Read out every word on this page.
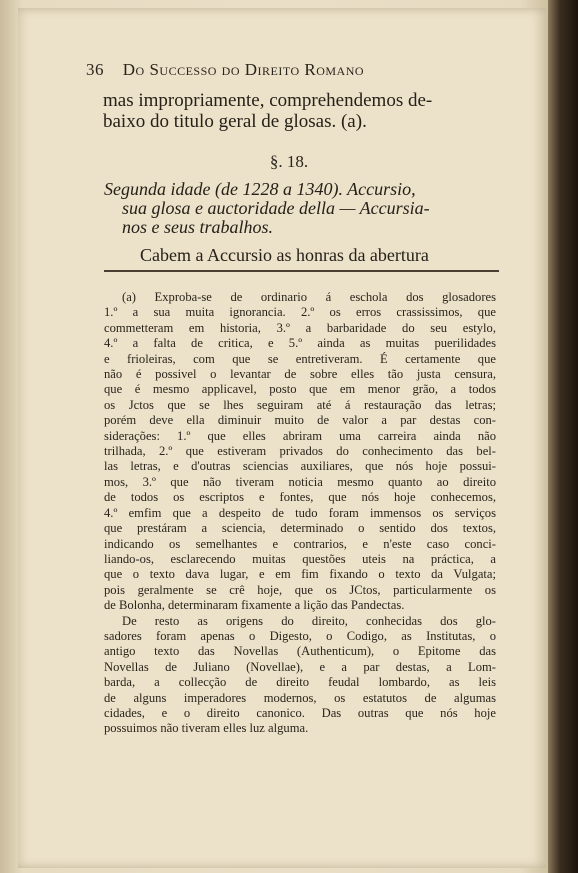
36 Do Successo do Direito Romano
mas impropriamente, comprehendemos de-
baixo do titulo geral de glosas. (a).
§. 18.
Segunda idade (de 1228 a 1340). Accursio,
sua glosa e auctoridade della — Accursia-
nos e seus trabalhos.
Cabem a Accursio as honras da abertura
(a) Exproba-se de ordinario á eschola dos glosadores
1.º a sua muita ignorancia. 2.º os erros crassissimos, que
commetteram em historia, 3.º a barbaridade do seu estylo,
4.º a falta de critica, e 5.º ainda as muitas puerilidades
e frioleiras, com que se entretiveram. É certamente que
não é possivel o levantar de sobre elles tão justa censura,
que é mesmo applicavel, posto que em menor grão, a todos
os Jctos que se lhes seguiram até á restauração das letras;
porém deve ella diminuir muito de valor a par destas con-
siderações: 1.º que elles abriram uma carreira ainda não
trilhada, 2.º que estiveram privados do conhecimento das bel-
las letras, e d'outras sciencias auxiliares, que nós hoje possui-
mos, 3.º que não tiveram noticia mesmo quanto ao direito
de todos os escriptos e fontes, que nós hoje conhecemos,
4.º emfim que a despeito de tudo foram immensos os serviços
que prestáram a sciencia, determinado o sentido dos textos,
indicando os semelhantes e contrarios, e n'este caso conci-
liando-os, esclarecendo muitas questões uteis na práctica, a
que o texto dava lugar, e em fim fixando o texto da Vulgata;
pois geralmente se crê hoje, que os JCtos, particularmente os
de Bolonha, determinaram fixamente a lição das Pandectas.
De resto as origens do direito, conhecidas dos glo-
sadores foram apenas o Digesto, o Codigo, as Institutas, o
antigo texto das Novellas (Authenticum), o Epitome das
Novellas de Juliano (Novellae), e a par destas, a Lom-
barda, a collecção de direito feudal lombardo, as leis
de alguns imperadores modernos, os estatutos de algumas
cidades, e o direito canonico. Das outras que nós hoje
possuimos não tiveram elles luz alguma.
